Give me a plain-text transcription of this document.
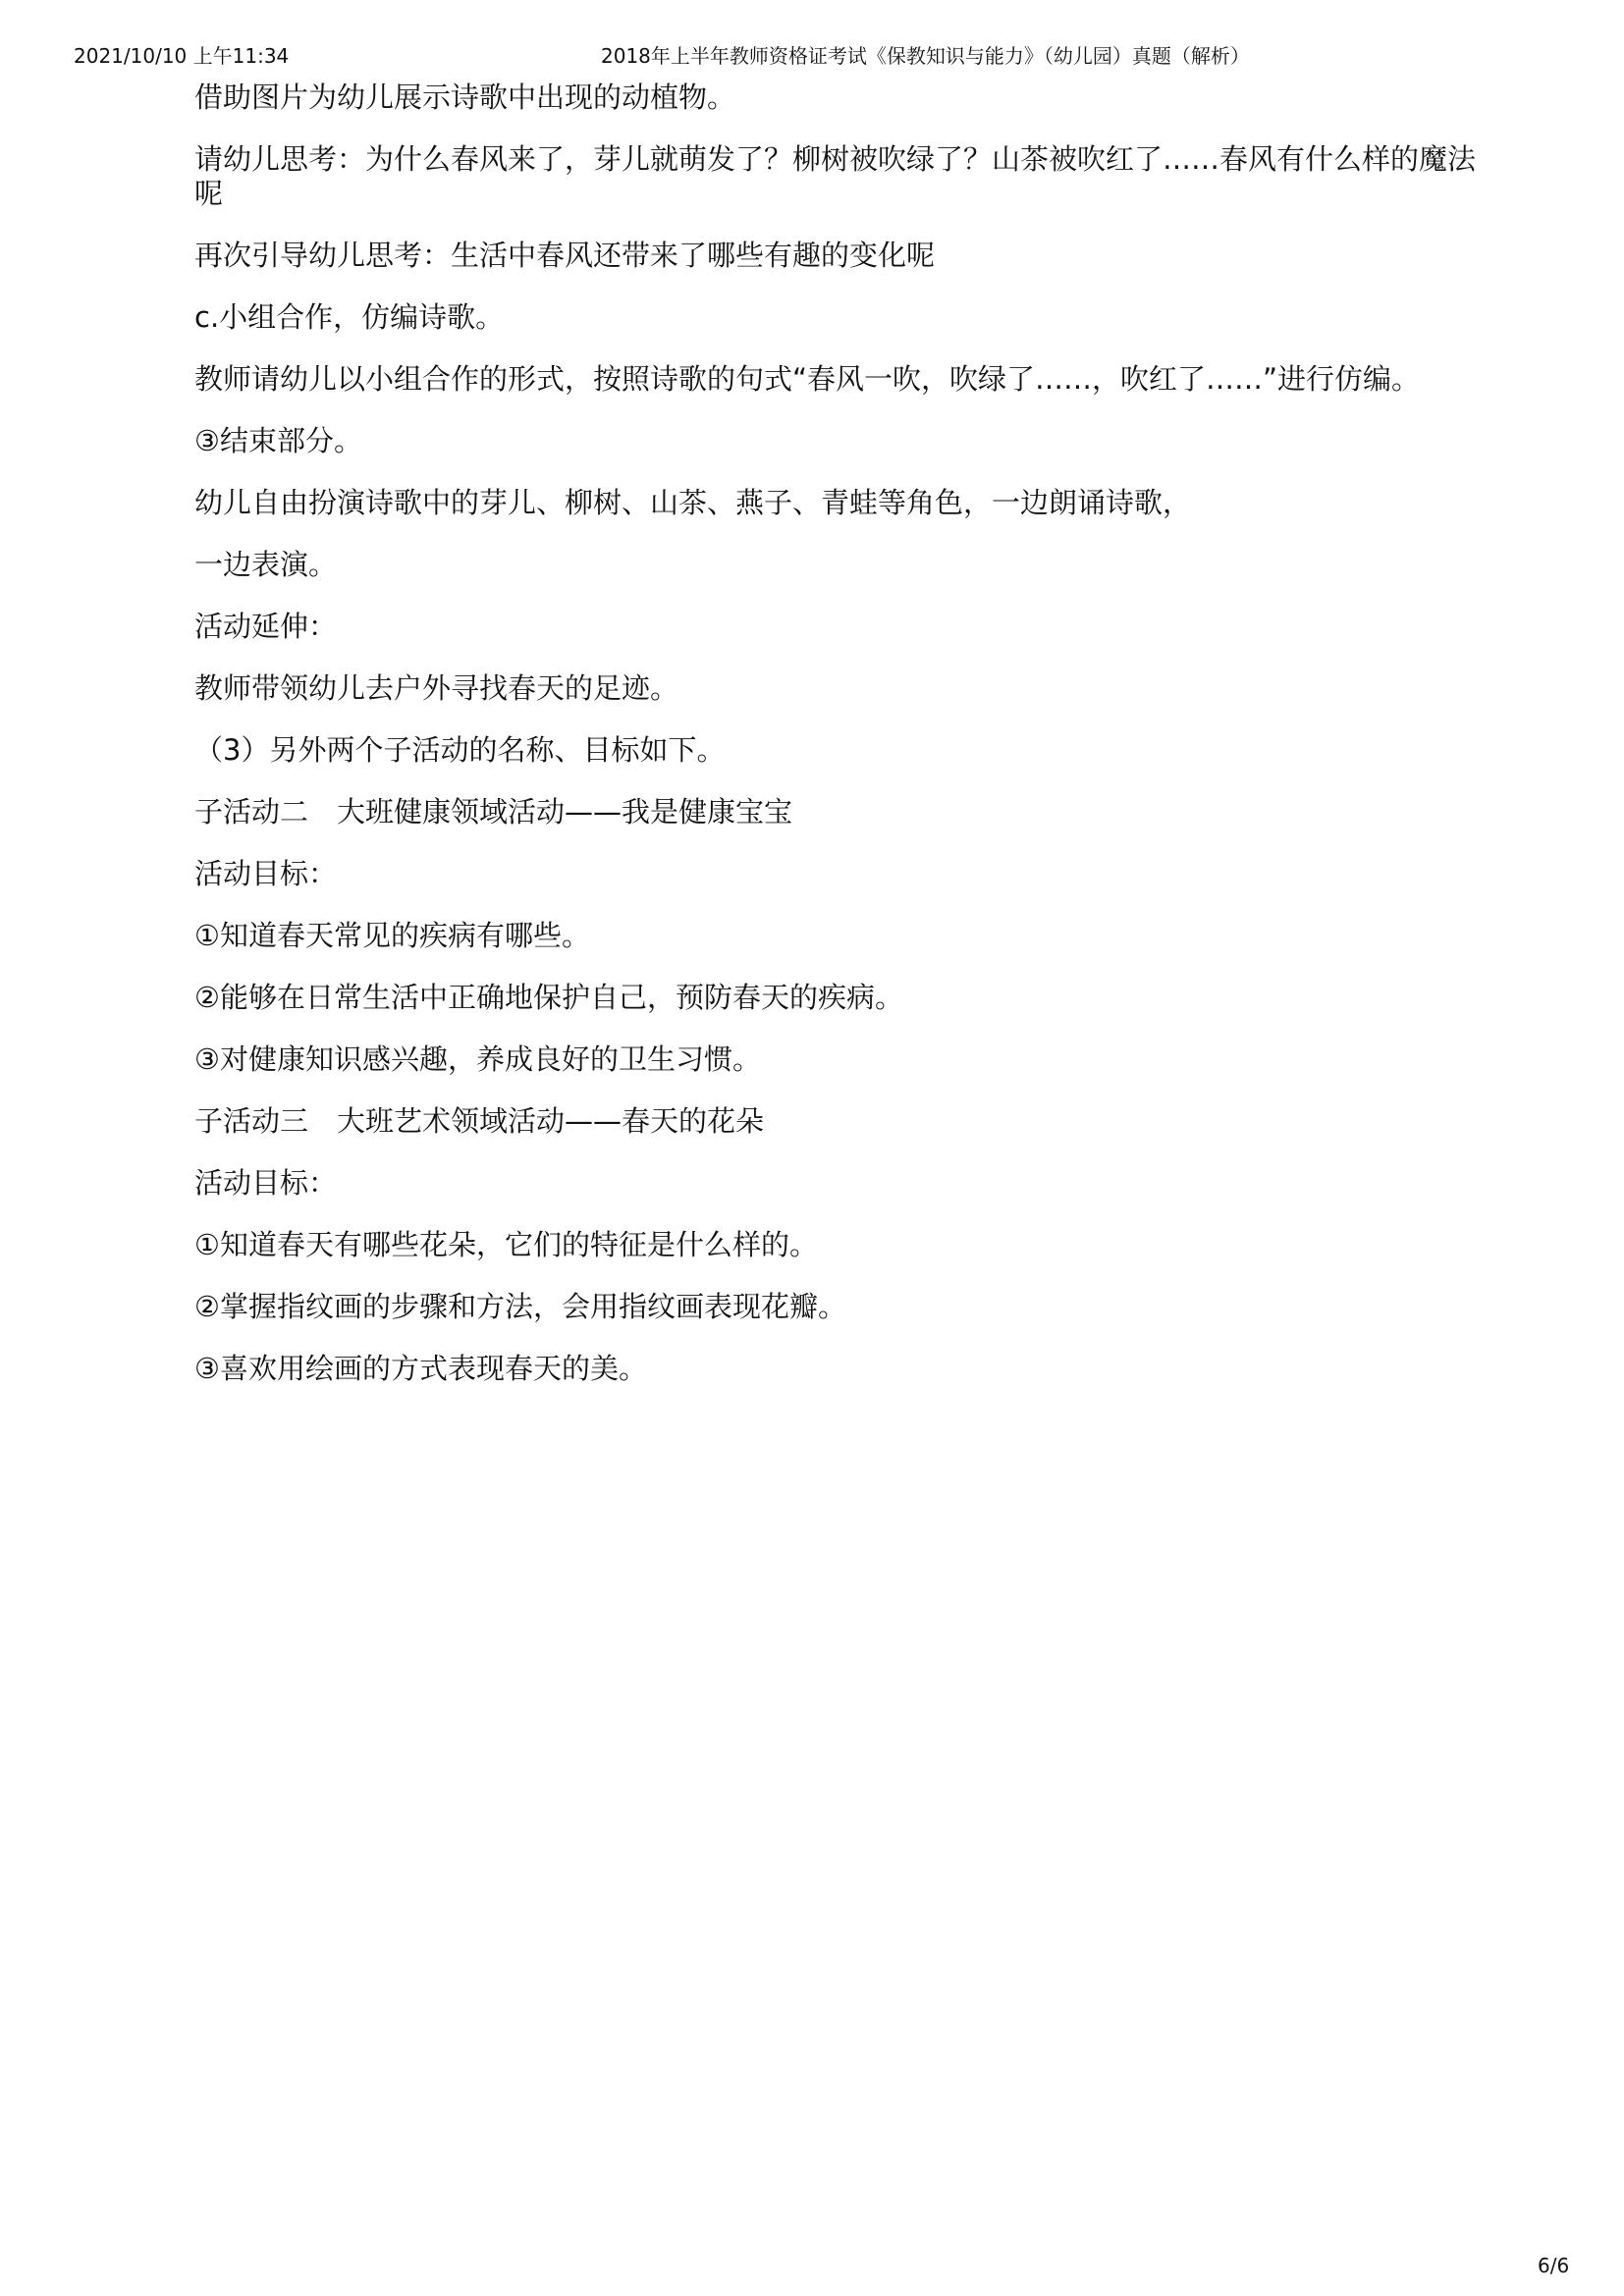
2021/10/10 上午11:34	2018年上半年教师资格证考试《保教知识与能力》（幼儿园）真题（解析）

借助图片为幼儿展示诗歌中出现的动植物。

请幼儿思考：为什么春风来了，芽儿就萌发了？柳树被吹绿了？山茶被吹红了……春风有什么样的魔法呢

再次引导幼儿思考：生活中春风还带来了哪些有趣的变化呢

c.小组合作，仿编诗歌。

教师请幼儿以小组合作的形式，按照诗歌的句式“春风一吹，吹绿了……，吹红了……”进行仿编。

③结束部分。

幼儿自由扮演诗歌中的芽儿、柳树、山茶、燕子、青蛙等角色，一边朗诵诗歌，

一边表演。

活动延伸：

教师带领幼儿去户外寻找春天的足迹。

（3）另外两个子活动的名称、目标如下。

子活动二　大班健康领域活动——我是健康宝宝

活动目标：

①知道春天常见的疾病有哪些。

②能够在日常生活中正确地保护自己，预防春天的疾病。

③对健康知识感兴趣，养成良好的卫生习惯。

子活动三　大班艺术领域活动——春天的花朵

活动目标：

①知道春天有哪些花朵，它们的特征是什么样的。

②掌握指纹画的步骤和方法，会用指纹画表现花瓣。

③喜欢用绘画的方式表现春天的美。

6/6
